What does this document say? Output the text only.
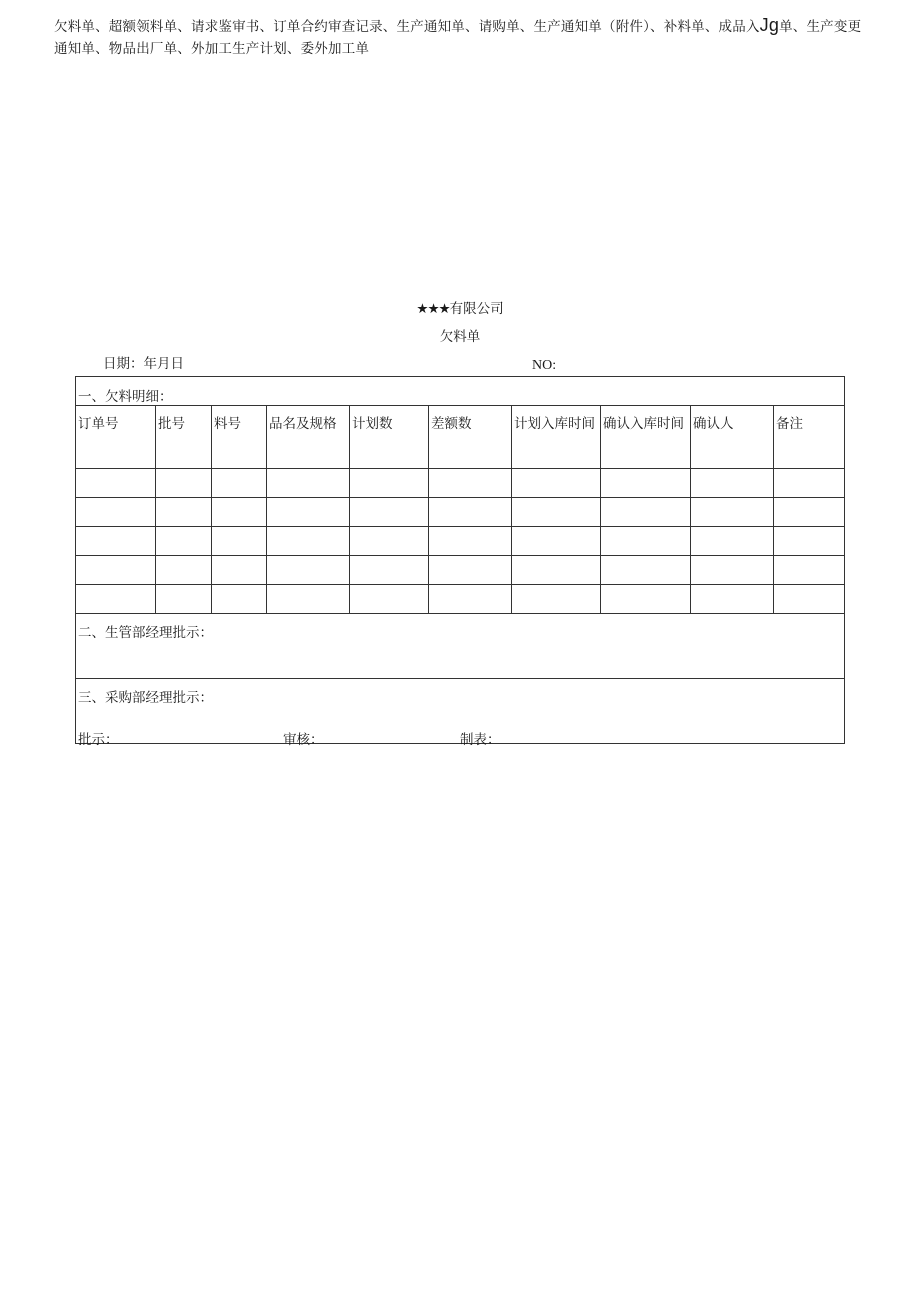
欠料单、超额领料单、请求鉴审书、订单合约审查记录、生产通知单、请购单、生产通知单（附件）、补料单、成品入Jg单、生产变更通知单、物品出厂单、外加工生产计划、委外加工单
★★★有限公司
欠料单
日期：年月日	NO:
一、欠料明细：									
订单号	批号	料号	品名及规格	计划数	差额数	计划入库时间	确认入库时间	确认人	备注

二、生管部经理批示：									
三、采购部经理批示：									
批示：	审核：	制表：
